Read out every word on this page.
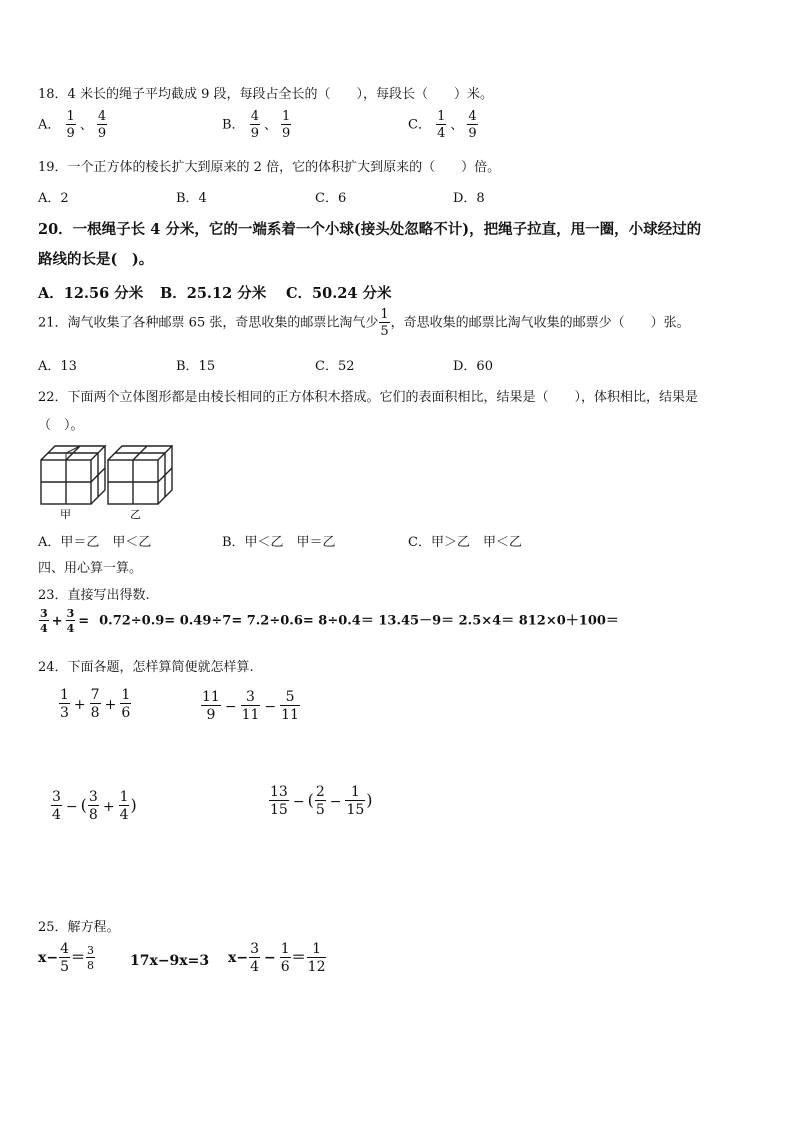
18．4 米长的绳子平均截成 9 段，每段占全长的（　　），每段长（　　）米。
A． $\frac{1}{9}$ 、 $\frac{4}{9}$	B． $\frac{4}{9}$ 、 $\frac{1}{9}$	C． $\frac{1}{4}$ 、 $\frac{4}{9}$
19．一个正方体的棱长扩大到原来的 2 倍，它的体积扩大到原来的（　　）倍。
A．2	B．4	C．6	D．8
20．一根绳子长 4 分米，它的一端系着一个小球(接头处忽略不计)，把绳子拉直，甩一圈，小球经过的
路线的长是(　)。
A．12.56 分米 B．25.12 分米 C．50.24 分米
21．淘气收集了各种邮票 65 张，奇思收集的邮票比淘气少 $\frac{1}{5}$ ，奇思收集的邮票比淘气收集的邮票少（　　）张。
A．13	B．15	C．52	D．60
22．下面两个立体图形都是由棱长相同的正方体积木搭成。它们的表面积相比，结果是（　　），体积相比，结果是
（　）。
甲	乙
A．甲＝乙　甲＜乙	B．甲＜乙　甲＝乙	C．甲＞乙　甲＜乙
四、用心算一算。
23．直接写出得数.
$\frac{3}{4} + \frac{3}{4} = 0.72\div 0.9= 0.49\div 7= 7.2\div 0.6= 8\div 0.4= 13.45-9= 2.5\times 4= 812\times 0+100=$
24．下面各题，怎样算简便就怎样算.
$\frac{1}{3} + \frac{7}{8} + \frac{1}{6}$	$\frac{11}{9} - \frac{3}{11} - \frac{5}{11}$
$\frac{3}{4}$ − ( $\frac{3}{8} + \frac{1}{4}$ )	$\frac{13}{15}$ − ( $\frac{2}{5} - \frac{1}{15}$ )
25．解方程。
$x- \frac{4}{5} = \frac{3}{8}$	17x−9x=3 $x- \frac{3}{4} - \frac{1}{6} = \frac{1}{12}$
